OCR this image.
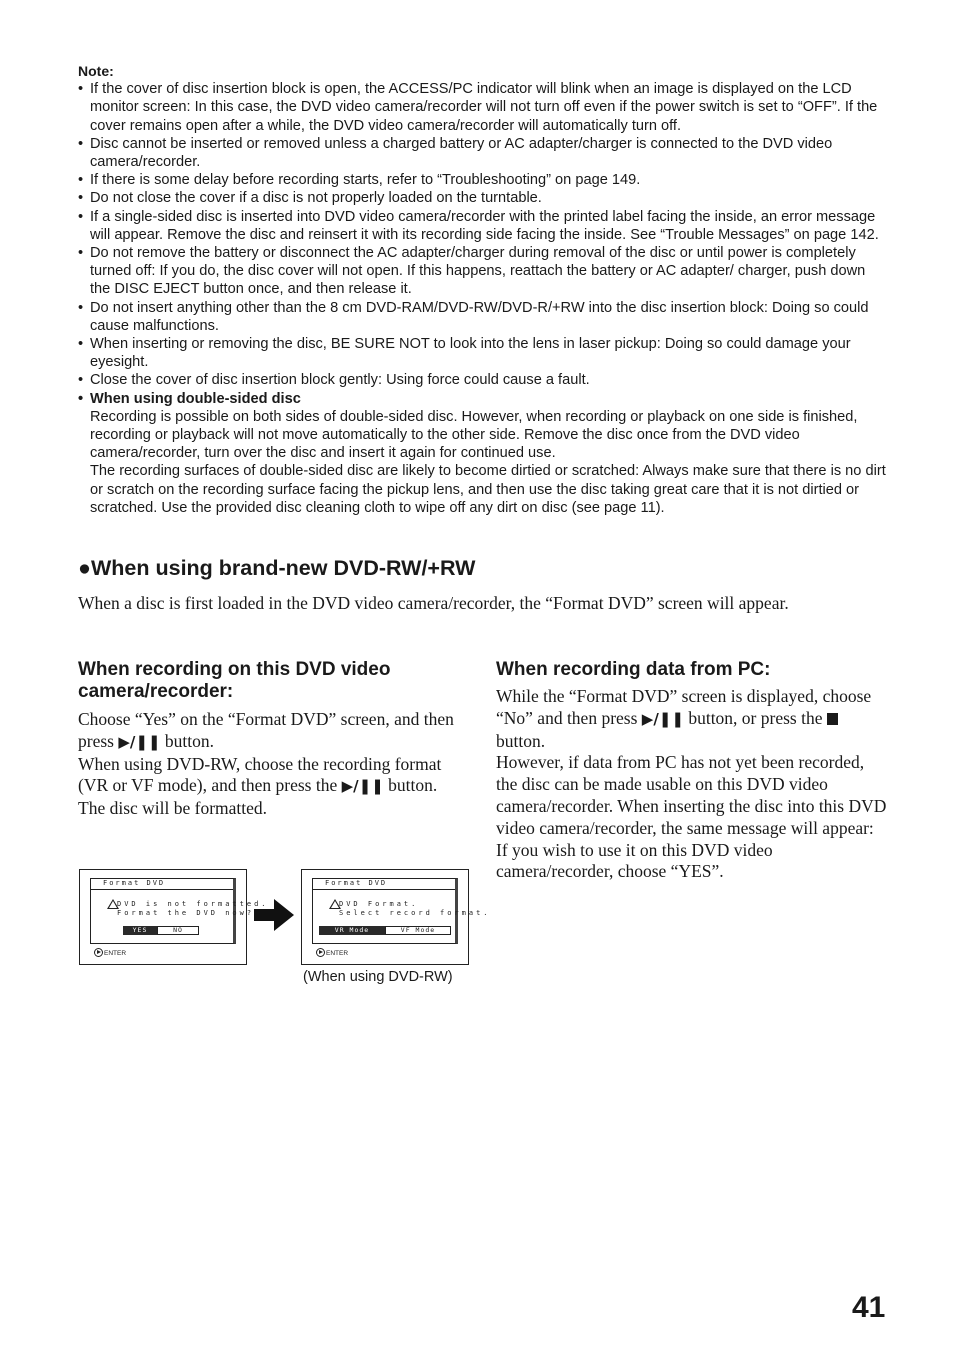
Note:
• If the cover of disc insertion block is open, the ACCESS/PC indicator will blink when an image is displayed on the LCD monitor screen: In this case, the DVD video camera/recorder will not turn off even if the power switch is set to “OFF”. If the cover remains open after a while, the DVD video camera/recorder will automatically turn off.

• Disc cannot be inserted or removed unless a charged battery or AC adapter/charger is connected to the DVD video camera/recorder.

• If there is some delay before recording starts, refer to “Troubleshooting” on page 149.

• Do not close the cover if a disc is not properly loaded on the turntable.

• If a single-sided disc is inserted into DVD video camera/recorder with the printed label facing the inside, an error message will appear. Remove the disc and reinsert it with its recording side facing the inside. See “Trouble Messages” on page 142.

• Do not remove the battery or disconnect the AC adapter/charger during removal of the disc or until power is completely turned off: If you do, the disc cover will not open. If this happens, reattach the battery or AC adapter/ charger, push down the DISC EJECT button once, and then release it.

• Do not insert anything other than the 8 cm DVD-RAM/DVD-RW/DVD-R/+RW into the disc insertion block: Doing so could cause malfunctions.

• When inserting or removing the disc, BE SURE NOT to look into the lens in laser pickup: Doing so could damage your eyesight.

• Close the cover of disc insertion block gently: Using force could cause a fault.

• When using double-sided disc

Recording is possible on both sides of double-sided disc. However, when recording or playback on one side is finished, recording or playback will not move automatically to the other side. Remove the disc once from the DVD video camera/recorder, turn over the disc and insert it again for continued use.

The recording surfaces of double-sided disc are likely to become dirtied or scratched: Always make sure that there is no dirt or scratch on the recording surface facing the pickup lens, and then use the disc taking great care that it is not dirtied or scratched. Use the provided disc cleaning cloth to wipe off any dirt on disc (see page 11).

●When using brand-new DVD-RW/+RW

When a disc is first loaded in the DVD video camera/recorder, the “Format DVD” screen will appear.

When recording on this DVD video camera/recorder:

Choose “Yes” on the “Format DVD” screen, and then press ▶/❚❚ button.

When using DVD-RW, choose the recording format (VR or VF mode), and then press the ▶/❚❚ button.

The disc will be formatted.

When recording data from PC:

While the “Format DVD” screen is displayed, choose “No” and then press ▶/❚❚ button, or press the  button.

However, if data from PC has not yet been recorded, the disc can be made usable on this DVD video camera/recorder. When inserting the disc into this DVD video camera/recorder, the same message will appear: If you wish to use it on this DVD video camera/recorder, choose “YES”.

Format DVD
DVD is not formatted.
Format the DVD now?
YES	NO
ENTER
Format DVD
DVD Format.
Select record format.
VR Mode	VF Mode
ENTER
(When using DVD-RW)
41
